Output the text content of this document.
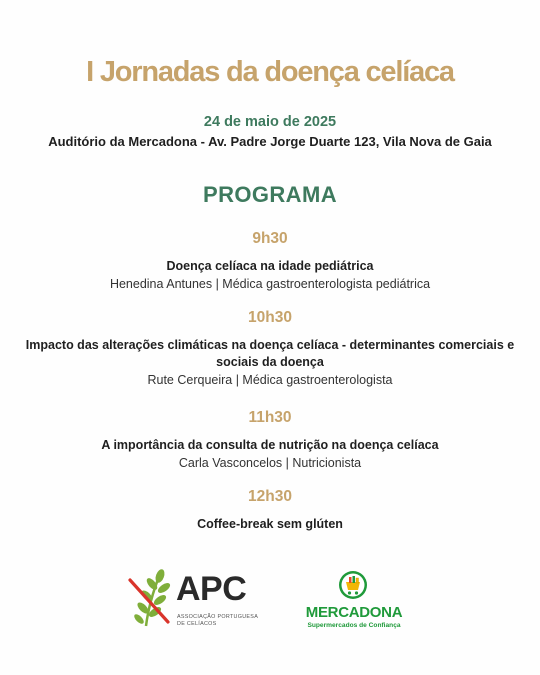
I Jornadas da doença celíaca
24 de maio de 2025
Auditório da Mercadona - Av. Padre Jorge Duarte 123, Vila Nova de Gaia
PROGRAMA
9h30
Doença celíaca na idade pediátrica
Henedina Antunes | Médica gastroenterologista pediátrica
10h30
Impacto das alterações climáticas na doença celíaca - determinantes comerciais e sociais da doença
Rute Cerqueira | Médica gastroenterologista
11h30
A importância da consulta de nutrição na doença celíaca
Carla Vasconcelos | Nutricionista
12h30
Coffee-break sem glúten
APC
ASSOCIAÇÃO PORTUGUESA
DE CELÍACOS
MERCADONA
Supermercados de Confiança
